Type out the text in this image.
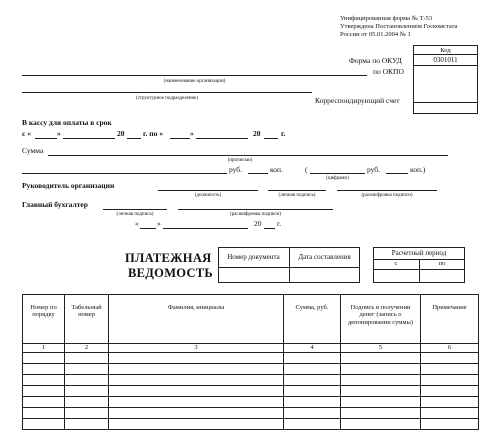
Унифицированная форма № Т-53
Утверждена Постановлением Госкомстата
России от 05.01.2004 № 1
Код
0301011
Форма по ОКУД
по ОКПО
Корреспондирующий счет
(наименование организации)
(структурное подразделение)
В кассу для оплаты в срок
с «	»	20 г. по «	»	20	г.
Сумма
(прописью)
руб.	коп.	(
(цифрами)
руб.	коп.)
Руководитель организации
(должность)	(личная подпись)	(расшифровка подписи)
Главный бухгалтер
(личная подпись)	(расшифровка подписи)
« »	20 г.
ПЛАТЕЖНАЯ
ВЕДОМОСТЬ
Номер документа	Дата составления	Расчетный период
с	по
Номер по порядку	Табельный номер	Фамилия, инициалы	Сумма, руб.	Подпись в получении денег (запись о депонировании суммы)	Примечание

1	2	3	4	5	6
